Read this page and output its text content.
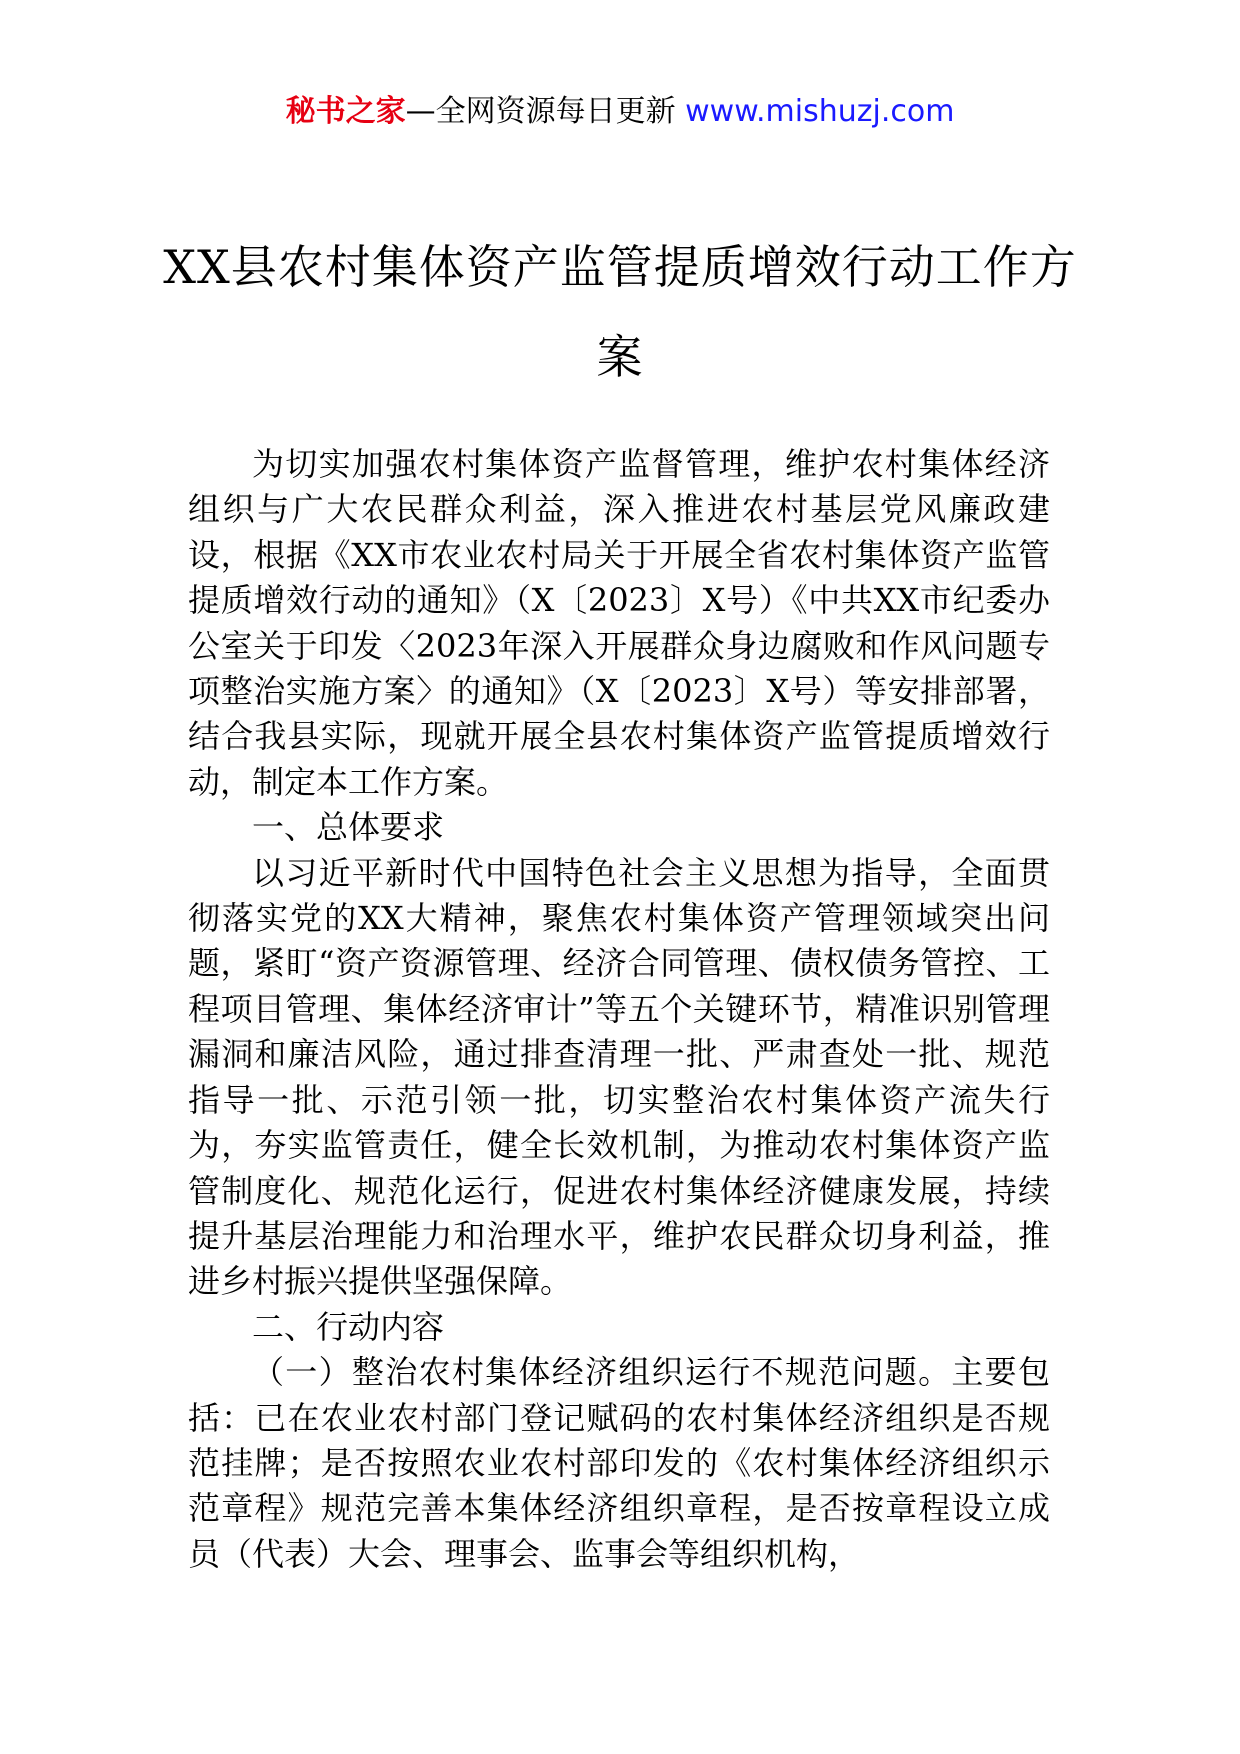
秘书之家—全网资源每日更新 www.mishuzj.com
XX县农村集体资产监管提质增效行动工作方案

为切实加强农村集体资产监督管理，维护农村集体经济组织与广大农民群众利益，深入推进农村基层党风廉政建设，根据《XX市农业农村局关于开展全省农村集体资产监管提质增效行动的通知》（X〔2023〕X号）《中共XX市纪委办公室关于印发〈2023年深入开展群众身边腐败和作风问题专项整治实施方案〉的通知》（X〔2023〕X号）等安排部署，结合我县实际，现就开展全县农村集体资产监管提质增效行动，制定本工作方案。

一、总体要求

以习近平新时代中国特色社会主义思想为指导，全面贯彻落实党的XX大精神，聚焦农村集体资产管理领域突出问题，紧盯“资产资源管理、经济合同管理、债权债务管控、工程项目管理、集体经济审计”等五个关键环节，精准识别管理漏洞和廉洁风险，通过排查清理一批、严肃查处一批、规范指导一批、示范引领一批，切实整治农村集体资产流失行为，夯实监管责任，健全长效机制，为推动农村集体资产监管制度化、规范化运行，促进农村集体经济健康发展，持续提升基层治理能力和治理水平，维护农民群众切身利益，推进乡村振兴提供坚强保障。

二、行动内容

（一）整治农村集体经济组织运行不规范问题。主要包括：已在农业农村部门登记赋码的农村集体经济组织是否规范挂牌；是否按照农业农村部印发的《农村集体经济组织示范章程》规范完善本集体经济组织章程，是否按章程设立成员（代表）大会、理事会、监事会等组织机构，
